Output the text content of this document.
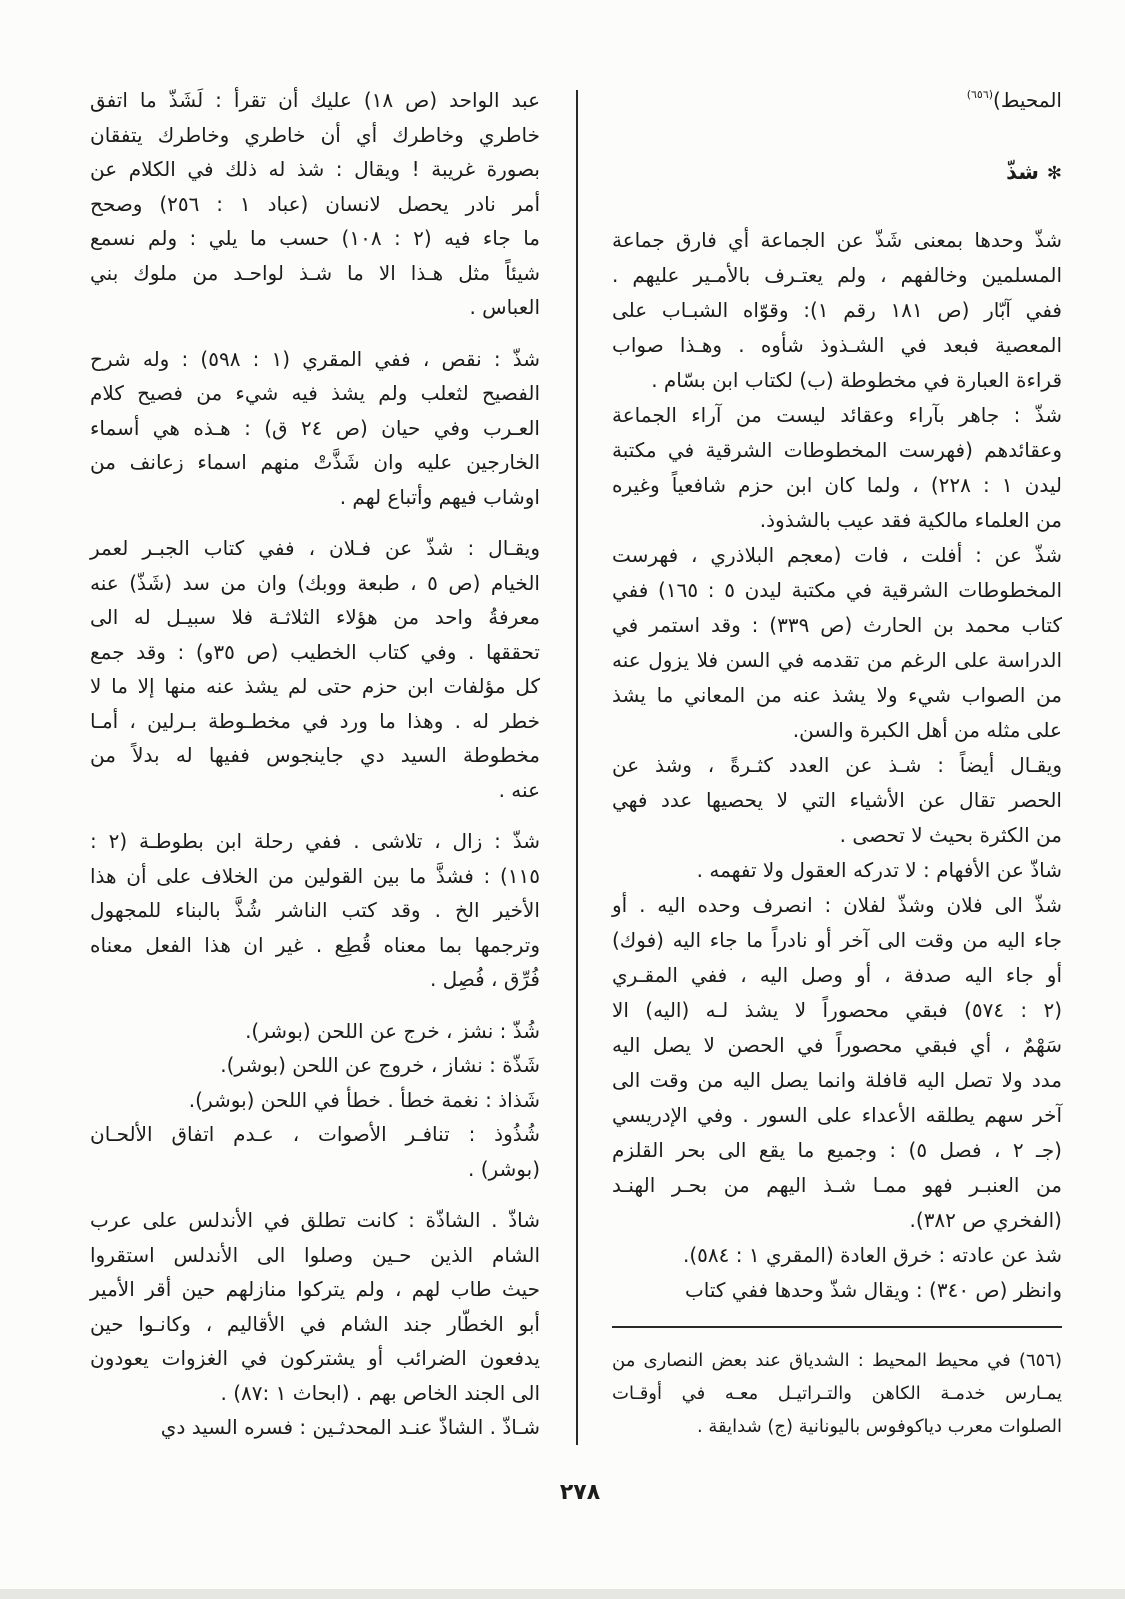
المحيط)$^{(٦٥٦)}$
✻شذّ
شذّ وحدها بمعنى شَذّ عن الجماعة أي فارق جماعة
المسلمين وخالفهم ، ولم يعتـرف بالأمـير عليهم .
ففي آبّار (ص ١٨١ رقم ١): وقوّاه الشبـاب على
المعصية فبعد في الشـذوذ شأوه . وهـذا صواب
قراءة العبارة في مخطوطة (ب) لكتاب ابن بسّام .
شذّ : جاهر بآراء وعقائد ليست من آراء الجماعة
وعقائدهم (فهرست المخطوطات الشرقية في مكتبة
ليدن ١ : ٢٢٨) ، ولما كان ابن حزم شافعياً وغيره
من العلماء مالكية فقد عيب بالشذوذ.
شذّ عن : أفلت ، فات (معجم البلاذري ، فهرست
المخطوطات الشرقية في مكتبة ليدن ٥ : ١٦٥) ففي
كتاب محمد بن الحارث (ص ٣٣٩) : وقد استمر في
الدراسة على الرغم من تقدمه في السن فلا يزول عنه
من الصواب شيء ولا يشذ عنه من المعاني ما يشذ
على مثله من أهل الكبرة والسن.
ويقـال أيضاً : شـذ عن العدد كثـرةً ، وشذ عن
الحصر تقال عن الأشياء التي لا يحصيها عدد فهي
من الكثرة بحيث لا تحصى .
شاذّ عن الأفهام : لا تدركه العقول ولا تفهمه .
شذّ الى فلان وشذّ لفلان : انصرف وحده اليه . أو
جاء اليه من وقت الى آخر أو نادراً ما جاء اليه (فوك)
أو جاء اليه صدفة ، أو وصل اليه ، ففي المقـري
(٢ : ٥٧٤) فبقي محصوراً لا يشذ لـه (اليه) الا
سَهْمٌ ، أي فبقي محصوراً في الحصن لا يصل اليه
مدد ولا تصل اليه قافلة وانما يصل اليه من وقت الى
آخر سهم يطلقه الأعداء على السور . وفي الإدريسي
(جـ ٢ ، فصل ٥) : وجميع ما يقع الى بحر القلزم
من العنبـر فهو ممـا شـذ اليهم من بحـر الهنـد
(الفخري ص ٣٨٢).
شذ عن عادته : خرق العادة (المقري ١ : ٥٨٤).
وانظر (ص ٣٤٠) : ويقال شذّ وحدها ففي كتاب
عبد الواحد (ص ١٨) عليك أن تقرأ : لَشَذّ ما اتفق
خاطري وخاطرك أي أن خاطري وخاطرك يتفقان
بصورة غريبة ! ويقال : شذ له ذلك في الكلام عن
أمر نادر يحصل لانسان (عباد ١ : ٢٥٦) وصحح
ما جاء فيه (٢ : ١٠٨) حسب ما يلي : ولم نسمع
شيئاً مثل هـذا الا ما شـذ لواحـد من ملوك بني
العباس .
شذّ : نقص ، ففي المقري (١ : ٥٩٨) : وله شرح
الفصيح لثعلب ولم يشذ فيه شيء من فصيح كلام
العـرب وفي حيان (ص ٢٤ ق) : هـذه هي أسماء
الخارجين عليه وان شَذَّتْ منهم اسماء زعانف من
اوشاب فيهم وأتباع لهم .
ويقـال : شذّ عن فـلان ، ففي كتاب الجبـر لعمر
الخيام (ص ٥ ، طبعة ووبك) وان من سد (شَذّ) عنه
معرفةُ واحد من هؤلاء الثلاثـة فلا سبيـل له الى
تحققها . وفي كتاب الخطيب (ص ٣٥و) : وقد جمع
كل مؤلفات ابن حزم حتى لم يشذ عنه منها إلا ما لا
خطر له . وهذا ما ورد في مخطـوطة بـرلين ، أمـا
مخطوطة السيد دي جاينجوس ففيها له بدلاً من
عنه .
شذّ : زال ، تلاشى . ففي رحلة ابن بطوطـة (٢ :
١١٥) : فشذَّ ما بين القولين من الخلاف على أن هذا
الأخير الخ . وقد كتب الناشر شُذَّ بالبناء للمجهول
وترجمها بما معناه قُطِع . غير ان هذا الفعل معناه
فُرِّق ، فُصِل .
شُذّ : نشز ، خرج عن اللحن (بوشر).
شَذّة : نشاز ، خروج عن اللحن (بوشر).
شَذاذ : نغمة خطأ . خطأ في اللحن (بوشر).
شُذُوذ : تنافـر الأصوات ، عـدم اتفاق الألحـان
(بوشر) .
شاذّ . الشاذّة : كانت تطلق في الأندلس على عرب
الشام الذين حـين وصلوا الى الأندلس استقروا
حيث طاب لهم ، ولم يتركوا منازلهم حين أقر الأمير
أبو الخطّار جند الشام في الأقاليم ، وكانـوا حين
يدفعون الضرائب أو يشتركون في الغزوات يعودون
الى الجند الخاص بهم . (ابحاث ١ :٨٧) .
شـاذّ . الشاذّ عنـد المحدثـين : فسره السيد دي
(٦٥٦) في محيط المحيط : الشدياق عند بعض النصارى من
يمـارس خدمـة الكاهن والتـراتيـل معـه في أوقـات
الصلوات معرب دياكوفوس باليونانية (ج) شدايقة .
٢٧٨
